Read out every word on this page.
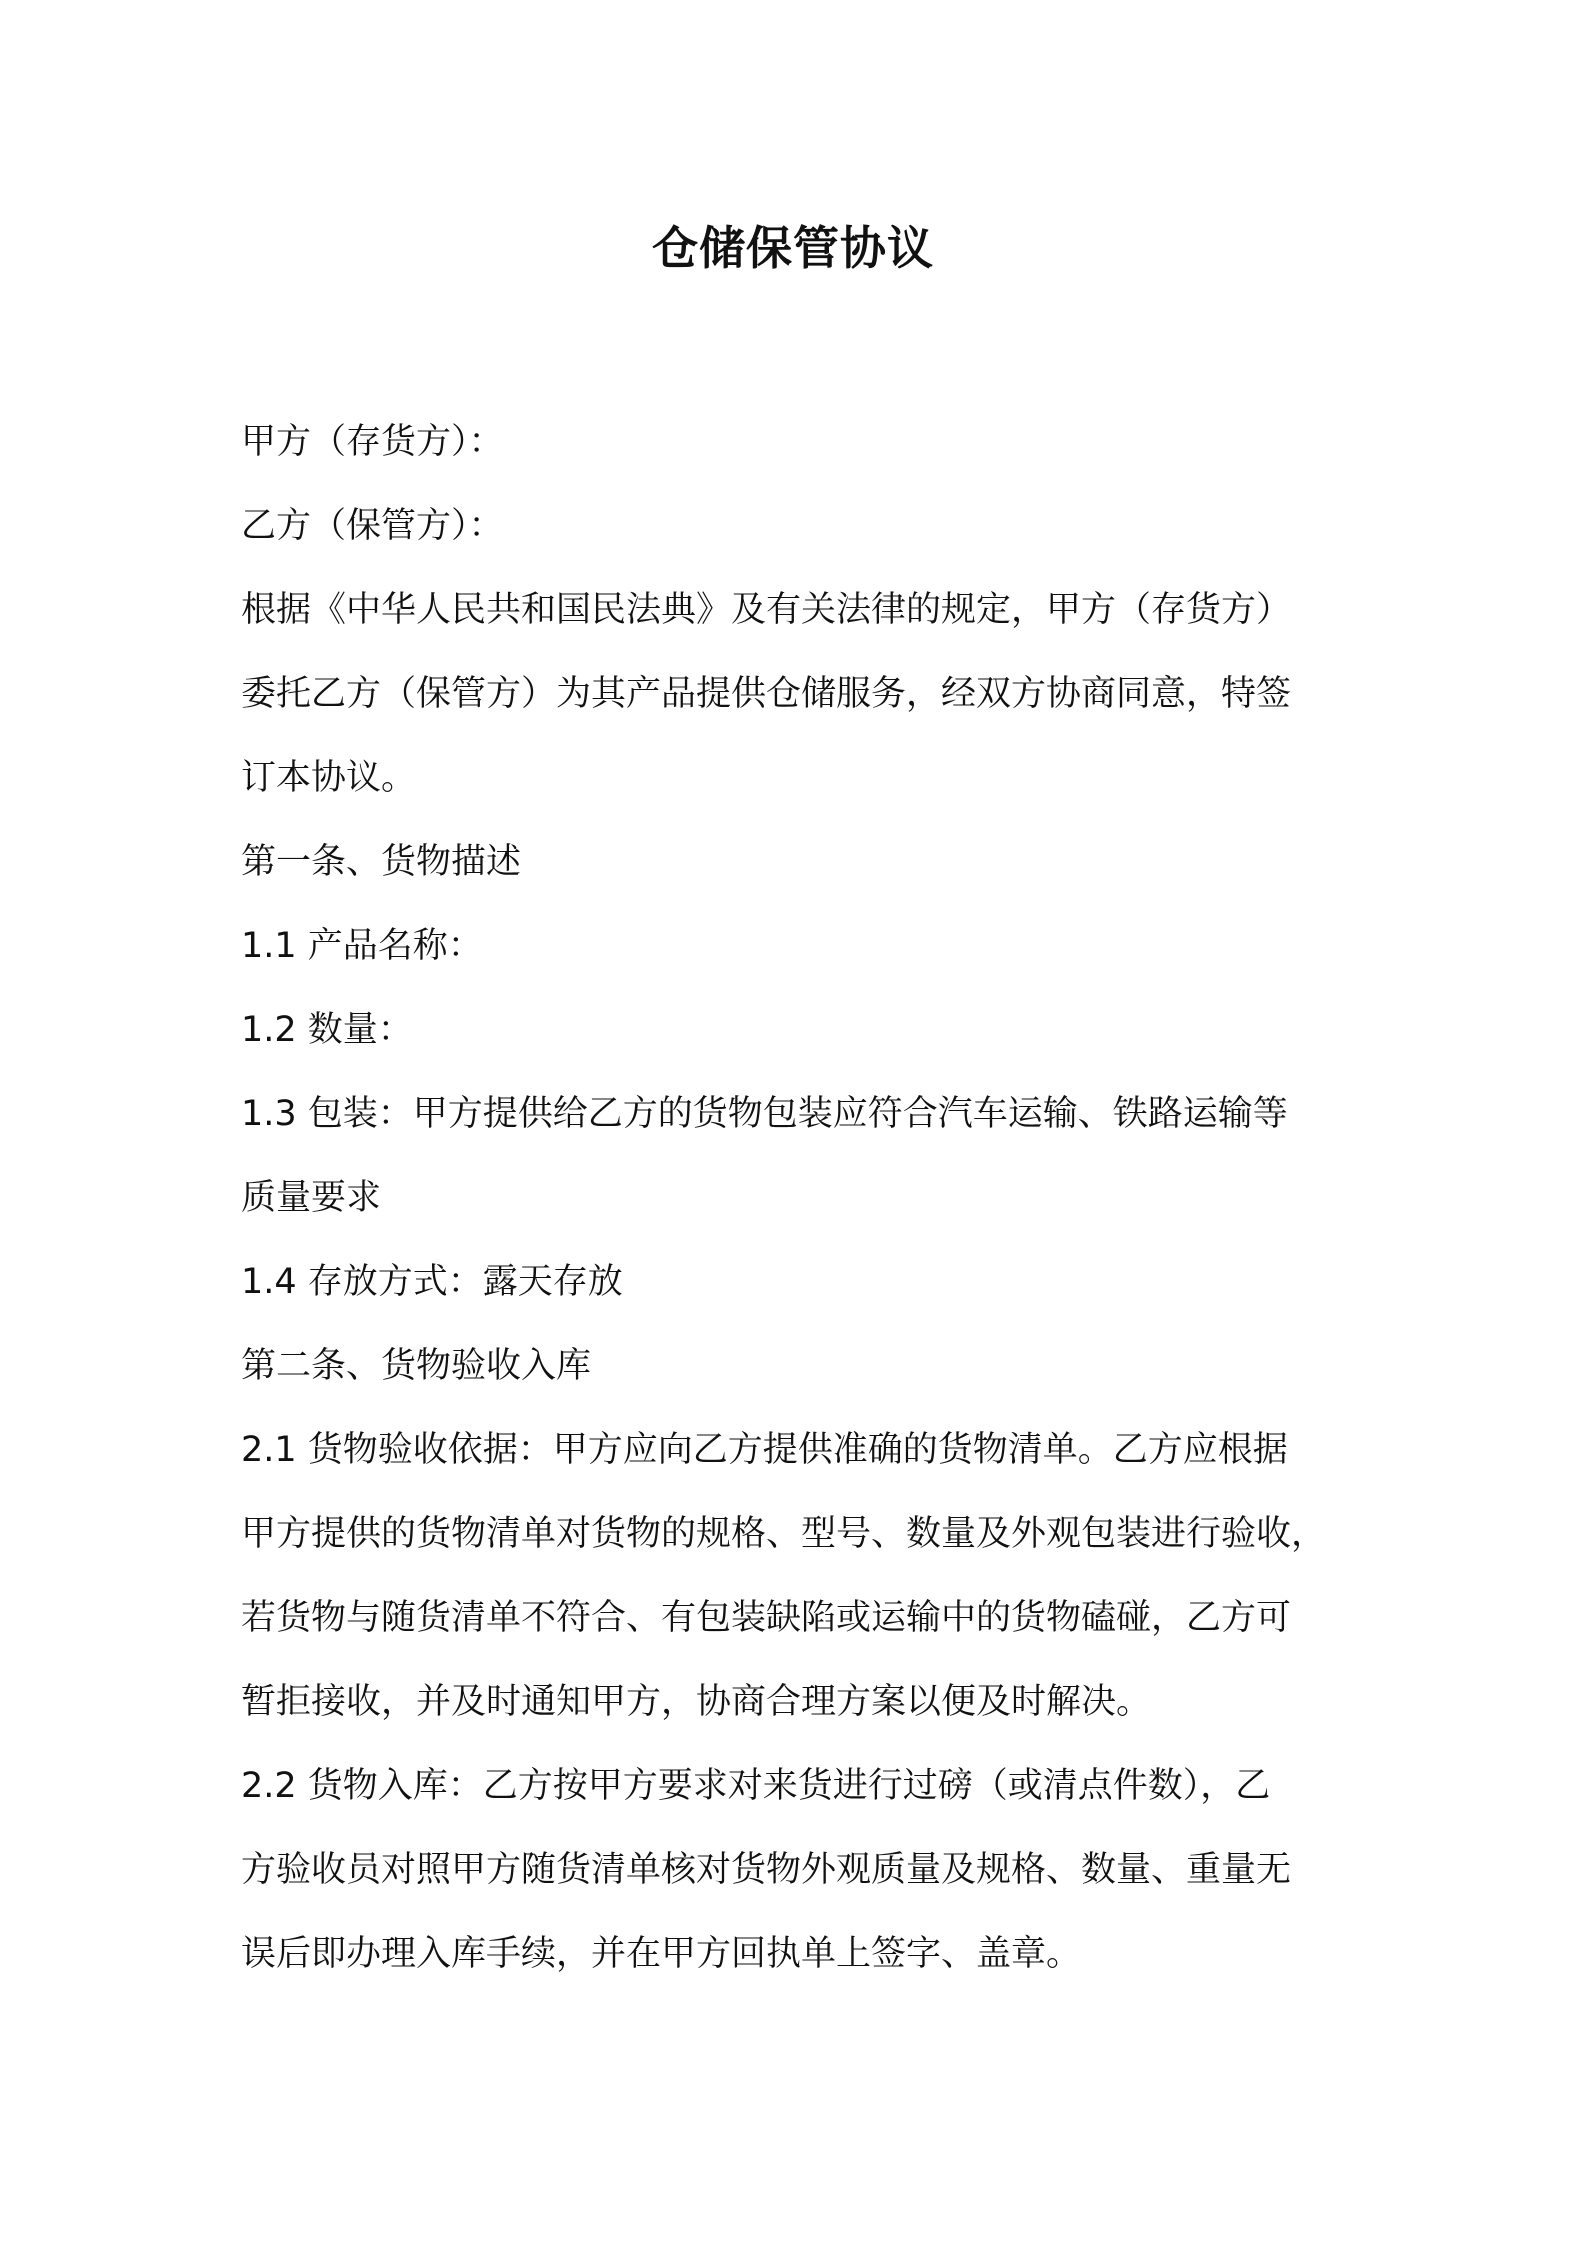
仓储保管协议
甲方（存货方）：
乙方（保管方）：
根据《中华人民共和国民法典》及有关法律的规定，甲方（存货方）
委托乙方（保管方）为其产品提供仓储服务，经双方协商同意，特签
订本协议。
第一条、货物描述
1.1 产品名称：
1.2 数量：
1.3 包装：甲方提供给乙方的货物包装应符合汽车运输、铁路运输等
质量要求
1.4 存放方式：露天存放
第二条、货物验收入库
2.1 货物验收依据：甲方应向乙方提供准确的货物清单。乙方应根据
甲方提供的货物清单对货物的规格、型号、数量及外观包装进行验收，
若货物与随货清单不符合、有包装缺陷或运输中的货物磕碰，乙方可
暂拒接收，并及时通知甲方，协商合理方案以便及时解决。
2.2 货物入库：乙方按甲方要求对来货进行过磅（或清点件数），乙
方验收员对照甲方随货清单核对货物外观质量及规格、数量、重量无
误后即办理入库手续，并在甲方回执单上签字、盖章。
